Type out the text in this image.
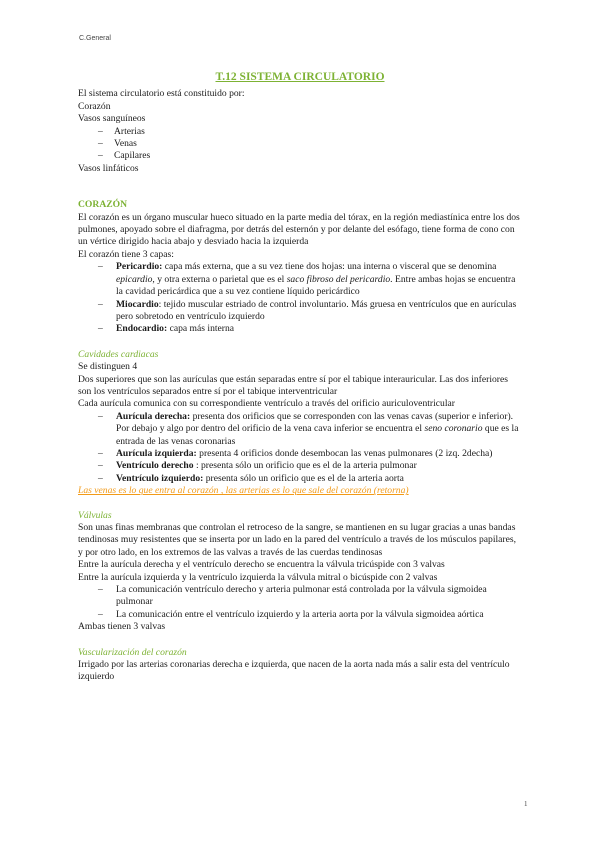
C.General
T.12 SISTEMA CIRCULATORIO

El sistema circulatorio está constituido por:

Corazón

Vasos sanguíneos

– Arterias
– Venas
– Capilares

Vasos linfáticos

CORAZÓN

El corazón es un órgano muscular hueco situado en la parte media del tórax, en la región mediastínica entre los dos pulmones, apoyado sobre el diafragma, por detrás del esternón y por delante del esófago, tiene forma de cono con un vértice dirigido hacia abajo y desviado hacia la izquierda

El corazón tiene 3 capas:

– Pericardio: capa más externa, que a su vez tiene dos hojas: una interna o visceral que se denomina epicardio, y otra externa o parietal que es el saco fibroso del pericardio. Entre ambas hojas se encuentra la cavidad pericárdica que a su vez contiene líquido pericárdico
– Miocardio: tejido muscular estriado de control involuntario. Más gruesa en ventrículos que en aurículas pero sobretodo en ventrículo izquierdo
– Endocardio: capa más interna
Cavidades cardiacas

Se distinguen 4

Dos superiores que son las aurículas que están separadas entre sí por el tabique interauricular. Las dos inferiores son los ventrículos separados entre sí por el tabique interventricular

Cada aurícula comunica con su correspondiente ventrículo a través del orificio auriculoventricular

– Aurícula derecha: presenta dos orificios que se corresponden con las venas cavas (superior e inferior). Por debajo y algo por dentro del orificio de la vena cava inferior se encuentra el seno coronario que es la entrada de las venas coronarias
– Aurícula izquierda: presenta 4 orificios donde desembocan las venas pulmonares (2 izq. 2decha)
– Ventrículo derecho : presenta sólo un orificio que es el de la arteria pulmonar
– Ventrículo izquierdo: presenta sólo un orificio que es el de la arteria aorta

Las venas es lo que entra al corazón , las arterias es lo que sale del corazón (retorna)

Válvulas

Son unas finas membranas que controlan el retroceso de la sangre, se mantienen en su lugar gracias a unas bandas tendinosas muy resistentes que se inserta por un lado en la pared del ventrículo a través de los músculos papilares, y por otro lado, en los extremos de las valvas a través de las cuerdas tendinosas

Entre la aurícula derecha y el ventrículo derecho se encuentra la válvula tricúspide con 3 valvas

Entre la aurícula izquierda y la ventrículo izquierda la válvula mitral o bicúspide con 2 valvas

– La comunicación ventrículo derecho y arteria pulmonar está controlada por la válvula sigmoidea pulmonar
– La comunicación entre el ventrículo izquierdo y la arteria aorta por la válvula sigmoidea aórtica

Ambas tienen 3 valvas

Vascularización del corazón

Irrigado por las arterias coronarias derecha e izquierda, que nacen de la aorta nada más a salir esta del ventrículo izquierdo

1
